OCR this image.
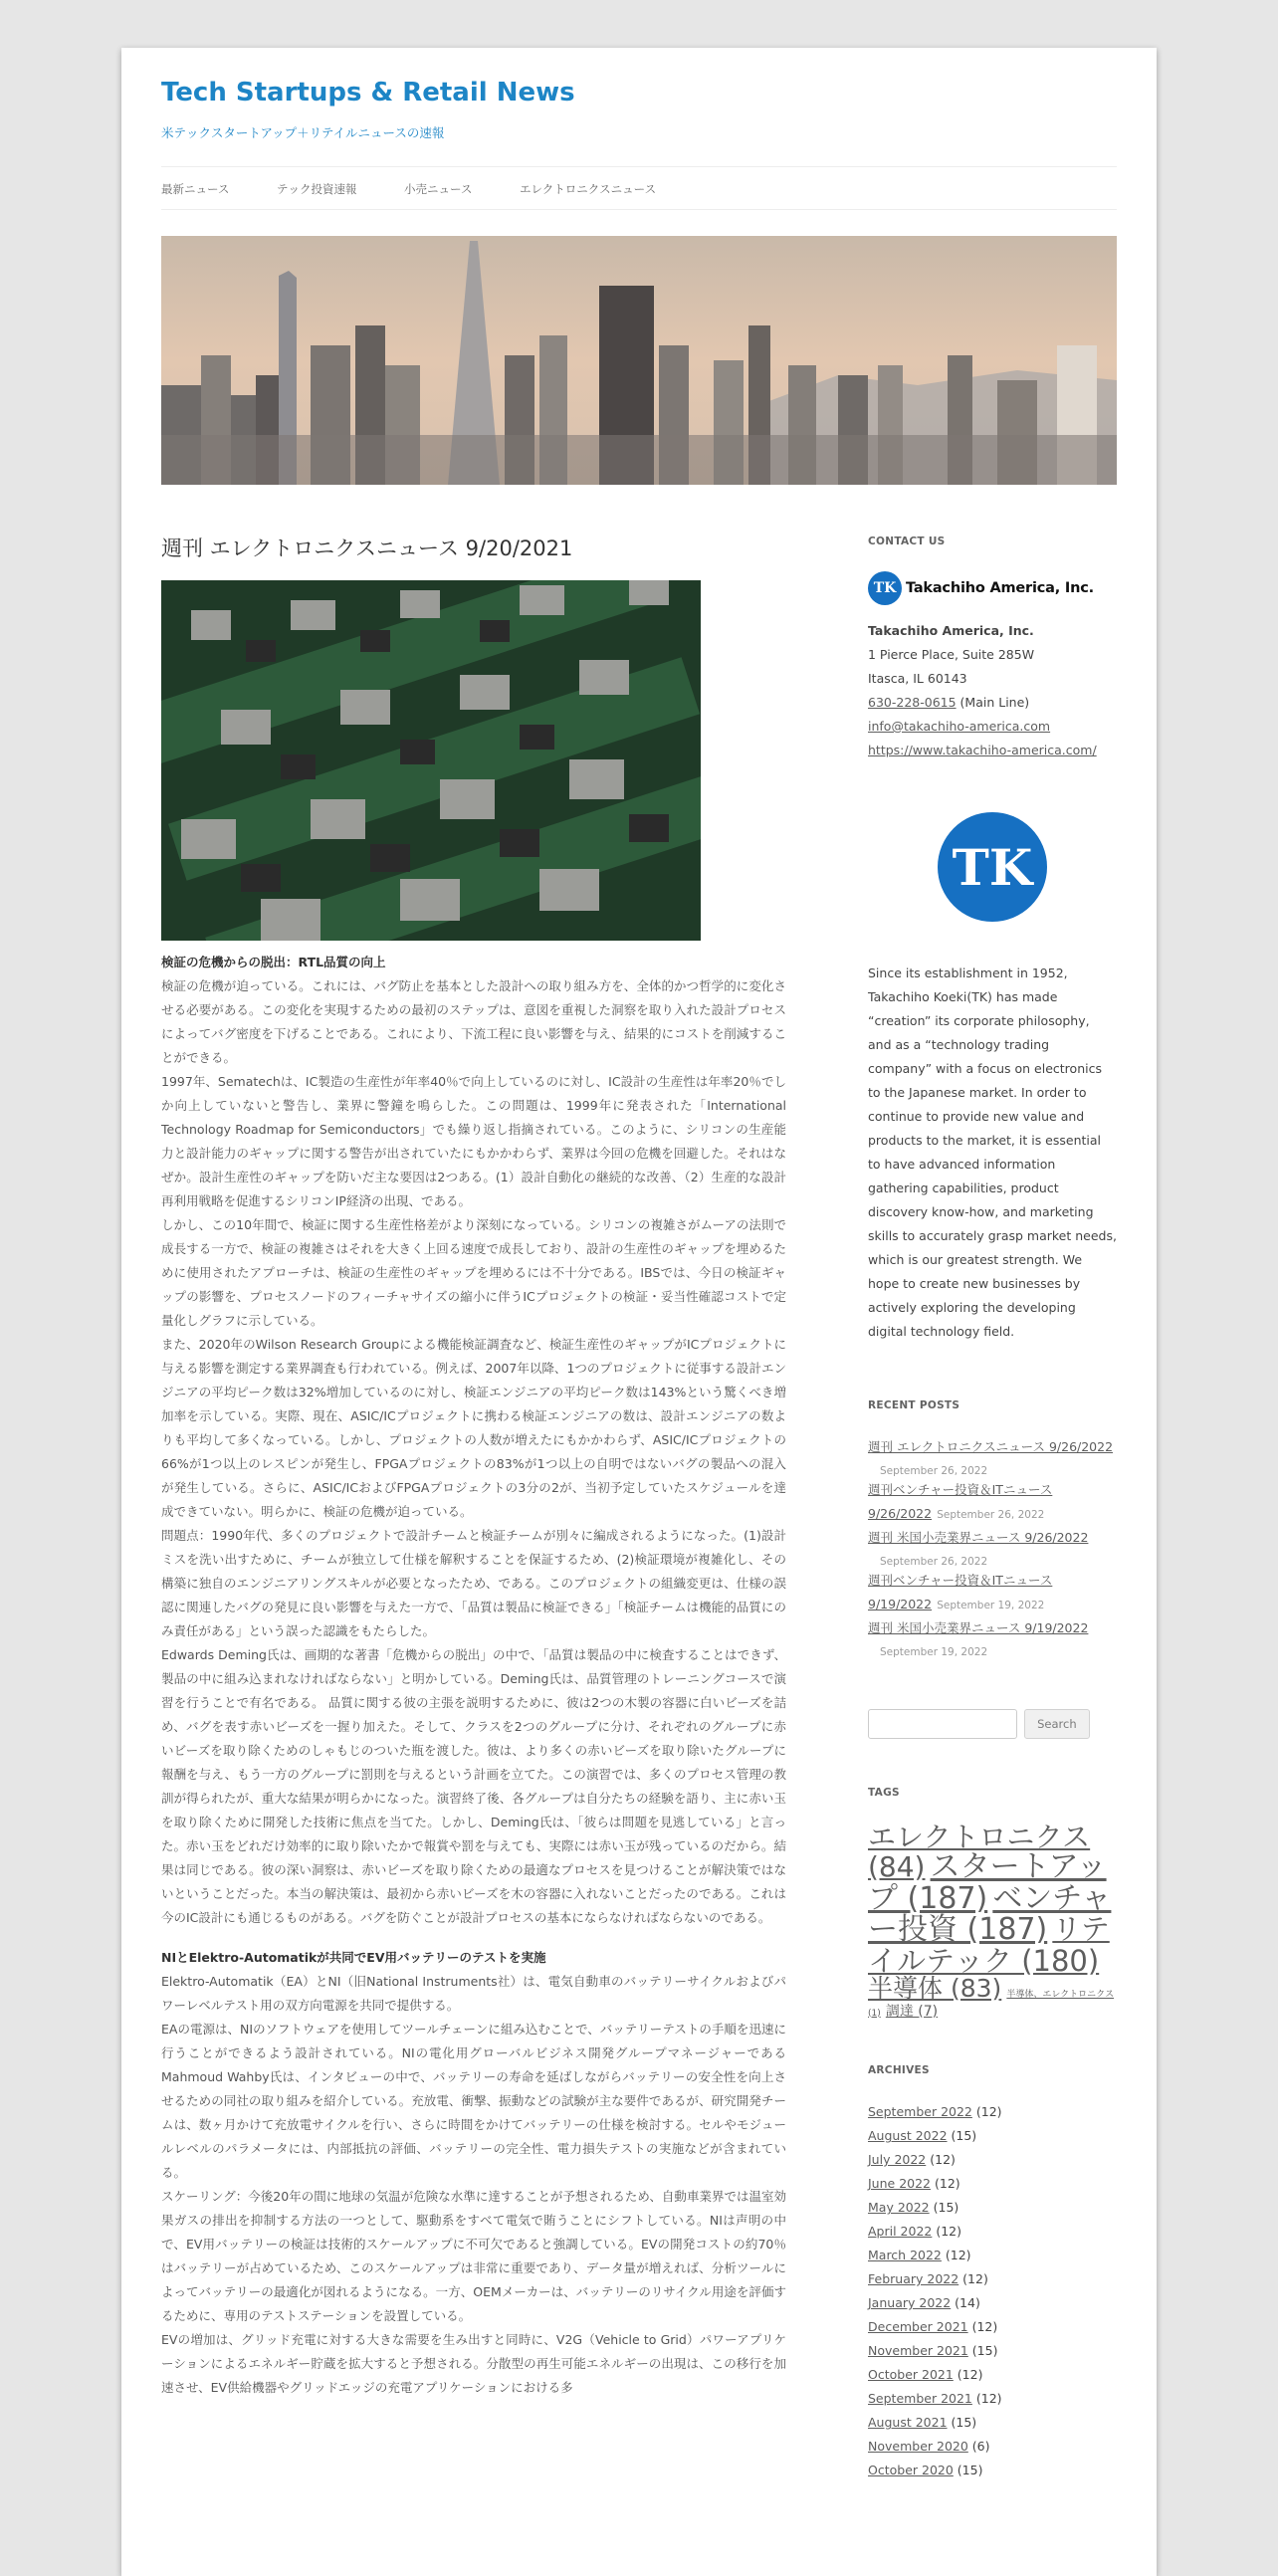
Tech Startups & Retail News
米テックスタートアップ＋リテイルニュースの速報
最新ニュース	テック投資速報	小売ニュース	エレクトロニクスニュース
週刊 エレクトロニクスニュース 9/20/2021
検証の危機からの脱出：RTL品質の向上

検証の危機が迫っている。これには、バグ防止を基本とした設計への取り組み方を、全体的かつ哲学的に変化させる必要がある。この変化を実現するための最初のステップは、意図を重視した洞察を取り入れた設計プロセスによってバグ密度を下げることである。これにより、下流工程に良い影響を与え、結果的にコストを削減することができる。

1997年、Sematechは、IC製造の生産性が年率40％で向上しているのに対し、IC設計の生産性は年率20％でしか向上していないと警告し、業界に警鐘を鳴らした。この問題は、1999年に発表された「International Technology Roadmap for Semiconductors」でも繰り返し指摘されている。このように、シリコンの生産能力と設計能力のギャップに関する警告が出されていたにもかかわらず、業界は今回の危機を回避した。それはなぜか。設計生産性のギャップを防いだ主な要因は2つある。(1）設計自動化の継続的な改善、（2）生産的な設計再利用戦略を促進するシリコンIP経済の出現、である。

しかし、この10年間で、検証に関する生産性格差がより深刻になっている。シリコンの複雑さがムーアの法則で成長する一方で、検証の複雑さはそれを大きく上回る速度で成長しており、設計の生産性のギャップを埋めるために使用されたアプローチは、検証の生産性のギャップを埋めるには不十分である。IBSでは、今日の検証ギャップの影響を、プロセスノードのフィーチャサイズの縮小に伴うICプロジェクトの検証・妥当性確認コストで定量化しグラフに示している。

また、2020年のWilson Research Groupによる機能検証調査など、検証生産性のギャップがICプロジェクトに与える影響を測定する業界調査も行われている。例えば、2007年以降、1つのプロジェクトに従事する設計エンジニアの平均ピーク数は32%増加しているのに対し、検証エンジニアの平均ピーク数は143%という驚くべき増加率を示している。実際、現在、ASIC/ICプロジェクトに携わる検証エンジニアの数は、設計エンジニアの数よりも平均して多くなっている。しかし、プロジェクトの人数が増えたにもかかわらず、ASIC/ICプロジェクトの66%が1つ以上のレスピンが発生し、FPGAプロジェクトの83%が1つ以上の自明ではないバグの製品への混入が発生している。さらに、ASIC/ICおよびFPGAプロジェクトの3分の2が、当初予定していたスケジュールを達成できていない。明らかに、検証の危機が迫っている。

問題点：1990年代、多くのプロジェクトで設計チームと検証チームが別々に編成されるようになった。(1)設計ミスを洗い出すために、チームが独立して仕様を解釈することを保証するため、(2)検証環境が複雑化し、その構築に独自のエンジニアリングスキルが必要となったため、である。このプロジェクトの組織変更は、仕様の誤認に関連したバグの発見に良い影響を与えた一方で、「品質は製品に検証できる」「検証チームは機能的品質にのみ責任がある」という誤った認識をもたらした。

Edwards Deming氏は、画期的な著書「危機からの脱出」の中で、「品質は製品の中に検査することはできず、製品の中に組み込まれなければならない」と明かしている。Deming氏は、品質管理のトレーニングコースで演習を行うことで有名である。 品質に関する彼の主張を説明するために、彼は2つの木製の容器に白いビーズを詰め、バグを表す赤いビーズを一握り加えた。そして、クラスを2つのグループに分け、それぞれのグループに赤いビーズを取り除くためのしゃもじのついた瓶を渡した。彼は、より多くの赤いビーズを取り除いたグループに報酬を与え、もう一方のグループに罰則を与えるという計画を立てた。この演習では、多くのプロセス管理の教訓が得られたが、重大な結果が明らかになった。演習終了後、各グループは自分たちの経験を語り、主に赤い玉を取り除くために開発した技術に焦点を当てた。しかし、Deming氏は、「彼らは問題を見逃している」と言った。赤い玉をどれだけ効率的に取り除いたかで報賞や罰を与えても、実際には赤い玉が残っているのだから。結果は同じである。彼の深い洞察は、赤いビーズを取り除くための最適なプロセスを見つけることが解決策ではないということだった。本当の解決策は、最初から赤いビーズを木の容器に入れないことだったのである。これは今のIC設計にも通じるものがある。バグを防ぐことが設計プロセスの基本にならなければならないのである。

NIとElektro-Automatikが共同でEV用バッテリーのテストを実施

Elektro-Automatik（EA）とNI（旧National Instruments社）は、電気自動車のバッテリーサイクルおよびパワーレベルテスト用の双方向電源を共同で提供する。

EAの電源は、NIのソフトウェアを使用してツールチェーンに組み込むことで、バッテリーテストの手順を迅速に行うことができるよう設計されている。NIの電化用グローバルビジネス開発グループマネージャーであるMahmoud Wahby氏は、インタビューの中で、バッテリーの寿命を延ばしながらバッテリーの安全性を向上させるための同社の取り組みを紹介している。充放電、衝撃、振動などの試験が主な要件であるが、研究開発チームは、数ヶ月かけて充放電サイクルを行い、さらに時間をかけてバッテリーの仕様を検討する。セルやモジュールレベルのパラメータには、内部抵抗の評価、バッテリーの完全性、電力損失テストの実施などが含まれている。

スケーリング：今後20年の間に地球の気温が危険な水準に達することが予想されるため、自動車業界では温室効果ガスの排出を抑制する方法の一つとして、駆動系をすべて電気で賄うことにシフトしている。NIは声明の中で、EV用バッテリーの検証は技術的スケールアップに不可欠であると強調している。EVの開発コストの約70％はバッテリーが占めているため、このスケールアップは非常に重要であり、データ量が増えれば、分析ツールによってバッテリーの最適化が図れるようになる。一方、OEMメーカーは、バッテリーのリサイクル用途を評価するために、専用のテストステーションを設置している。

EVの増加は、グリッド充電に対する大きな需要を生み出すと同時に、V2G（Vehicle to Grid）パワーアプリケーションによるエネルギー貯蔵を拡大すると予想される。分散型の再生可能エネルギーの出現は、この移行を加速させ、EV供給機器やグリッドエッジの充電アプリケーションにおける多

CONTACT US
TK Takachiho America, Inc.
Takachiho America, Inc.
1 Pierce Place, Suite 285W
Itasca, IL 60143
630-228-0615 (Main Line)
info@takachiho-america.com
https://www.takachiho-america.com/
TK
Since its establishment in 1952, Takachiho Koeki(TK) has made “creation” its corporate philosophy, and as a “technology trading company” with a focus on electronics to the Japanese market. In order to continue to provide new value and products to the market, it is essential to have advanced information gathering capabilities, product discovery know-how, and marketing skills to accurately grasp market needs, which is our greatest strength. We hope to create new businesses by actively exploring the developing digital technology field.
RECENT POSTS
週刊 エレクトロニクスニュース 9/26/2022
September 26, 2022
週刊ベンチャー投資＆ITニュース 9/26/2022 September 26, 2022
週刊 米国小売業界ニュース 9/26/2022
September 26, 2022
週刊ベンチャー投資＆ITニュース 9/19/2022 September 19, 2022
週刊 米国小売業界ニュース 9/19/2022
September 19, 2022
Search
TAGS
エレクトロニクス (84) スタートアップ (187) ベンチャー投資 (187) リテイルテック (180) 半導体 (83) 半導体、エレクトロニクス (1) 調達 (7)
ARCHIVES
September 2022 (12)
August 2022 (15)
July 2022 (12)
June 2022 (12)
May 2022 (15)
April 2022 (12)
March 2022 (12)
February 2022 (12)
January 2022 (14)
December 2021 (12)
November 2021 (15)
October 2021 (12)
September 2021 (12)
August 2021 (15)
November 2020 (6)
October 2020 (15)
